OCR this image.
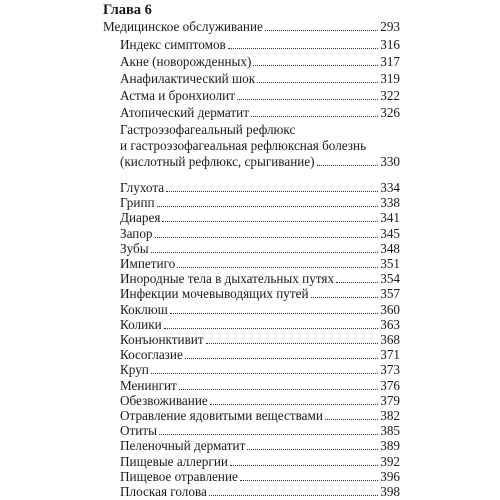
Глава 6
Медицинское обслуживание	293
Индекс симптомов	316
Акне (новорожденных)	317
Анафилактический шок	319
Астма и бронхиолит	322
Атопический дерматит	326
Гастроэзофагеальный рефлюкс
и гастроэзофагеальная рефлюксная болезнь
(кислотный рефлюкс, срыгивание)	330
Глухота	334
Грипп	338
Диарея	341
Запор	345
Зубы	348
Импетиго	351
Инородные тела в дыхательных путях	354
Инфекции мочевыводящих путей	357
Коклюш	360
Колики	363
Конъюнктивит	368
Косоглазие	371
Круп	373
Менингит	376
Обезвоживание	379
Отравление ядовитыми веществами	382
Отиты	385
Пеленочный дерматит	389
Пищевые аллергии	392
Пищевое отравление	396
Плоская голова	398
